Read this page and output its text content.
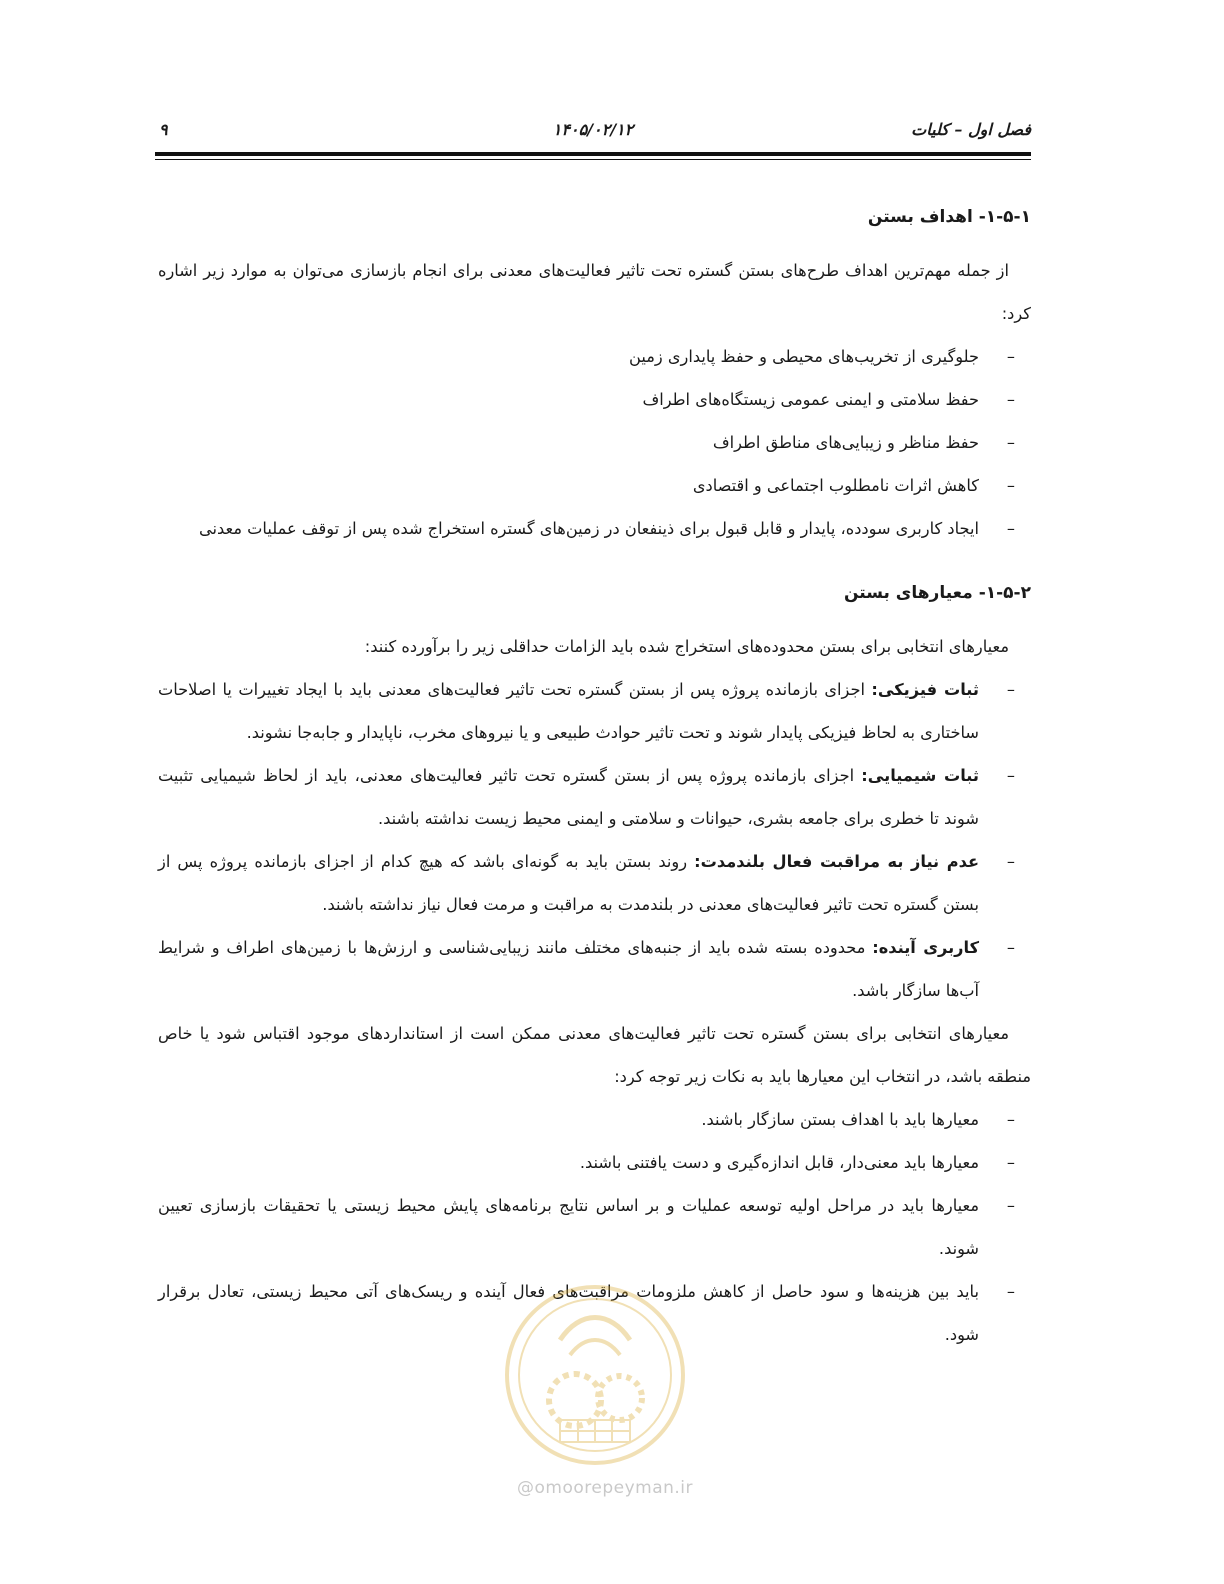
فصل اول – کلیات
۱۴۰۵/۰۲/۱۲
۹
۱-۵-۱- اهداف بستن

از جمله مهم‌ترین اهداف طرح‌های بستن گستره تحت تاثیر فعالیت‌های معدنی برای انجام بازسازی می‌توان به موارد زیر اشاره کرد:

– جلوگیری از تخریب‌های محیطی و حفظ پایداری زمین
– حفظ سلامتی و ایمنی عمومی زیستگاه‌های اطراف
– حفظ مناظر و زیبایی‌های مناطق اطراف
– کاهش اثرات نامطلوب اجتماعی و اقتصادی
– ایجاد کاربری سودده، پایدار و قابل قبول برای ذینفعان در زمین‌های گستره استخراج شده پس از توقف عملیات معدنی
۱-۵-۲- معیارهای بستن

معیارهای انتخابی برای بستن محدوده‌های استخراج شده باید الزامات حداقلی زیر را برآورده کنند:

– ثبات فیزیکی: اجزای بازمانده پروژه پس از بستن گستره تحت تاثیر فعالیت‌های معدنی باید با ایجاد تغییرات یا اصلاحات ساختاری به لحاظ فیزیکی پایدار شوند و تحت تاثیر حوادث طبیعی و یا نیروهای مخرب، ناپایدار و جابه‌جا نشوند.
– ثبات شیمیایی: اجزای بازمانده پروژه پس از بستن گستره تحت تاثیر فعالیت‌های معدنی، باید از لحاظ شیمیایی تثبیت شوند تا خطری برای جامعه بشری، حیوانات و سلامتی و ایمنی محیط زیست نداشته باشند.
– عدم نیاز به مراقبت فعال بلندمدت: روند بستن باید به گونه‌ای باشد که هیچ کدام از اجزای بازمانده پروژه پس از بستن گستره تحت تاثیر فعالیت‌های معدنی در بلندمدت به مراقبت و مرمت فعال نیاز نداشته باشند.
– کاربری آینده: محدوده بسته شده باید از جنبه‌های مختلف مانند زیبایی‌شناسی و ارزش‌ها با زمین‌های اطراف و شرایط آب‌ها سازگار باشد.

معیارهای انتخابی برای بستن گستره تحت تاثیر فعالیت‌های معدنی ممکن است از استانداردهای موجود اقتباس شود یا خاص منطقه باشد، در انتخاب این معیارها باید به نکات زیر توجه کرد:

– معیارها باید با اهداف بستن سازگار باشند.
– معیارها باید معنی‌دار، قابل اندازه‌گیری و دست یافتنی باشند.
– معیارها باید در مراحل اولیه توسعه عملیات و بر اساس نتایج برنامه‌های پایش محیط زیستی یا تحقیقات بازسازی تعیین شوند.
– باید بین هزینه‌ها و سود حاصل از کاهش ملزومات مراقبت‌های فعال آینده و ریسک‌های آتی محیط زیستی، تعادل برقرار شود.
@omoorepeyman.ir
